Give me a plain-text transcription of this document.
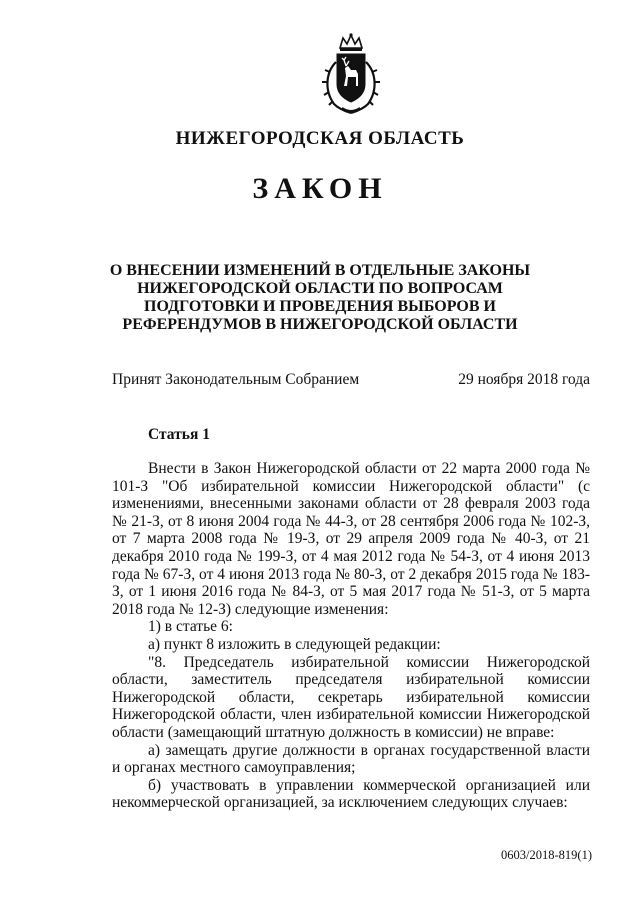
НИЖЕГОРОДСКАЯ ОБЛАСТЬ
ЗАКОН
О ВНЕСЕНИИ ИЗМЕНЕНИЙ В ОТДЕЛЬНЫЕ ЗАКОНЫ НИЖЕГОРОДСКОЙ ОБЛАСТИ ПО ВОПРОСАМ ПОДГОТОВКИ И ПРОВЕДЕНИЯ ВЫБОРОВ И РЕФЕРЕНДУМОВ В НИЖЕГОРОДСКОЙ ОБЛАСТИ
Принят Законодательным Собранием	29 ноября 2018 года
Статья 1

Внести в Закон Нижегородской области от 22 марта 2000 года № 101-З "Об избирательной комиссии Нижегородской области" (с изменениями, внесенными законами области от 28 февраля 2003 года № 21-З, от 8 июня 2004 года № 44-З, от 28 сентября 2006 года № 102-З, от 7 марта 2008 года № 19-З, от 29 апреля 2009 года № 40-З, от 21 декабря 2010 года № 199-З, от 4 мая 2012 года № 54-З, от 4 июня 2013 года № 67-З, от 4 июня 2013 года № 80-З, от 2 декабря 2015 года № 183-З, от 1 июня 2016 года № 84-З, от 5 мая 2017 года № 51-З, от 5 марта 2018 года № 12-З) следующие изменения:

1) в статье 6:

а) пункт 8 изложить в следующей редакции:

"8. Председатель избирательной комиссии Нижегородской области, заместитель председателя избирательной комиссии Нижегородской области, секретарь избирательной комиссии Нижегородской области, член избирательной комиссии Нижегородской области (замещающий штатную должность в комиссии) не вправе:

а) замещать другие должности в органах государственной власти и органах местного самоуправления;

б) участвовать в управлении коммерческой организацией или некоммерческой организацией, за исключением следующих случаев:

0603/2018-819(1)
